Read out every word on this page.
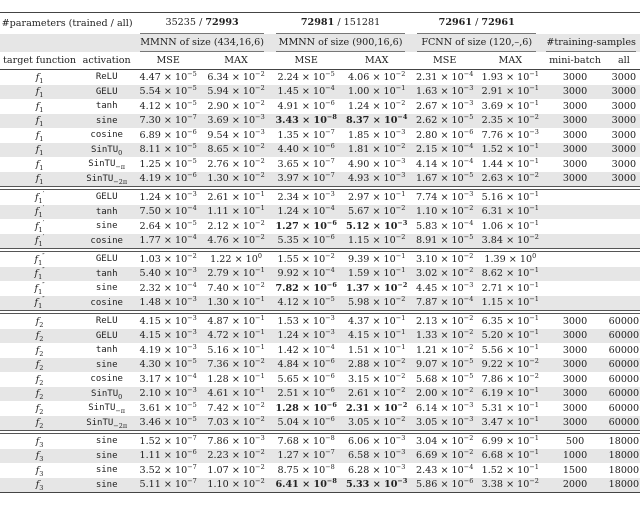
#parameters (trained / all)		35235 / 72993		72981 / 151281		72961 / 72961			

		MMNN of size (434,16,6)		MMNN of size (900,16,6)		FCNN of size (120,–,6)		#training-samples	

target function	activation	MSE	MAX	MSE	MAX	MSE	MAX	mini-batch	all
$f_1$	ReLU	$4.47 \times 10^{-5}$	$6.34 \times 10^{-2}$	$2.24 \times 10^{-5}$	$4.06 \times 10^{-2}$	$2.31 \times 10^{-4}$	$1.93 \times 10^{-1}$	3000	3000
$f_1$	GELU	$5.54 \times 10^{-5}$	$5.94 \times 10^{-2}$	$1.45 \times 10^{-4}$	$1.00 \times 10^{-1}$	$1.63 \times 10^{-3}$	$2.91 \times 10^{-1}$	3000	3000
$f_1$	tanh	$4.12 \times 10^{-5}$	$2.90 \times 10^{-2}$	$4.91 \times 10^{-6}$	$1.24 \times 10^{-2}$	$2.67 \times 10^{-3}$	$3.69 \times 10^{-1}$	3000	3000
$f_1$	sine	$7.30 \times 10^{-7}$	$3.69 \times 10^{-3}$	$3.43 \times 10^{-8}$	$8.37 \times 10^{-4}$	$2.62 \times 10^{-5}$	$2.35 \times 10^{-2}$	3000	3000
$f_1$	cosine	$6.89 \times 10^{-6}$	$9.54 \times 10^{-3}$	$1.35 \times 10^{-7}$	$1.85 \times 10^{-3}$	$2.80 \times 10^{-6}$	$7.76 \times 10^{-3}$	3000	3000
$f_1$	SinTU$_0$	$8.11 \times 10^{-5}$	$8.65 \times 10^{-2}$	$4.40 \times 10^{-6}$	$1.81 \times 10^{-2}$	$2.15 \times 10^{-4}$	$1.52 \times 10^{-1}$	3000	3000
$f_1$	SinTU$_{-\pi}$	$1.25 \times 10^{-5}$	$2.76 \times 10^{-2}$	$3.65 \times 10^{-7}$	$4.90 \times 10^{-3}$	$4.14 \times 10^{-4}$	$1.44 \times 10^{-1}$	3000	3000
$f_1$	SinTU$_{-2\pi}$	$4.19 \times 10^{-6}$	$1.30 \times 10^{-2}$	$3.97 \times 10^{-7}$	$4.93 \times 10^{-3}$	$1.67 \times 10^{-5}$	$2.63 \times 10^{-2}$	3000	3000

$f_1'$	GELU	$1.24 \times 10^{-3}$	$2.61 \times 10^{-1}$	$2.34 \times 10^{-3}$	$2.97 \times 10^{-1}$	$7.74 \times 10^{-3}$	$5.16 \times 10^{-1}$		
$f_1'$	tanh	$7.50 \times 10^{-4}$	$1.11 \times 10^{-1}$	$1.24 \times 10^{-4}$	$5.67 \times 10^{-2}$	$1.10 \times 10^{-2}$	$6.31 \times 10^{-1}$		
$f_1'$	sine	$2.64 \times 10^{-5}$	$2.12 \times 10^{-2}$	$1.27 \times 10^{-6}$	$5.12 \times 10^{-3}$	$5.83 \times 10^{-4}$	$1.06 \times 10^{-1}$		
$f_1'$	cosine	$1.77 \times 10^{-4}$	$4.76 \times 10^{-2}$	$5.35 \times 10^{-6}$	$1.15 \times 10^{-2}$	$8.91 \times 10^{-5}$	$3.84 \times 10^{-2}$		

$f_1''$	GELU	$1.03 \times 10^{-2}$	$1.22 \times 10^0$	$1.55 \times 10^{-2}$	$9.39 \times 10^{-1}$	$3.10 \times 10^{-2}$	$1.39 \times 10^0$		
$f_1''$	tanh	$5.40 \times 10^{-3}$	$2.79 \times 10^{-1}$	$9.92 \times 10^{-4}$	$1.59 \times 10^{-1}$	$3.02 \times 10^{-2}$	$8.62 \times 10^{-1}$		
$f_1''$	sine	$2.32 \times 10^{-4}$	$7.40 \times 10^{-2}$	$7.82 \times 10^{-6}$	$1.37 \times 10^{-2}$	$4.45 \times 10^{-3}$	$2.71 \times 10^{-1}$		
$f_1''$	cosine	$1.48 \times 10^{-3}$	$1.30 \times 10^{-1}$	$4.12 \times 10^{-5}$	$5.98 \times 10^{-2}$	$7.87 \times 10^{-4}$	$1.15 \times 10^{-1}$		

$f_2$	ReLU	$4.15 \times 10^{-3}$	$4.87 \times 10^{-1}$	$1.53 \times 10^{-3}$	$4.37 \times 10^{-1}$	$2.13 \times 10^{-2}$	$6.35 \times 10^{-1}$	3000	60000
$f_2$	GELU	$4.15 \times 10^{-3}$	$4.72 \times 10^{-1}$	$1.24 \times 10^{-3}$	$4.15 \times 10^{-1}$	$1.33 \times 10^{-2}$	$5.20 \times 10^{-1}$	3000	60000
$f_2$	tanh	$4.19 \times 10^{-3}$	$5.16 \times 10^{-1}$	$1.42 \times 10^{-4}$	$1.51 \times 10^{-1}$	$1.21 \times 10^{-2}$	$5.56 \times 10^{-1}$	3000	60000
$f_2$	sine	$4.30 \times 10^{-5}$	$7.36 \times 10^{-2}$	$4.84 \times 10^{-6}$	$2.88 \times 10^{-2}$	$9.07 \times 10^{-5}$	$9.22 \times 10^{-2}$	3000	60000
$f_2$	cosine	$3.17 \times 10^{-4}$	$1.28 \times 10^{-1}$	$5.65 \times 10^{-6}$	$3.15 \times 10^{-2}$	$5.68 \times 10^{-5}$	$7.86 \times 10^{-2}$	3000	60000
$f_2$	SinTU$_0$	$2.10 \times 10^{-3}$	$4.61 \times 10^{-1}$	$2.51 \times 10^{-6}$	$2.61 \times 10^{-2}$	$2.00 \times 10^{-2}$	$6.19 \times 10^{-1}$	3000	60000
$f_2$	SinTU$_{-\pi}$	$3.61 \times 10^{-5}$	$7.42 \times 10^{-2}$	$1.28 \times 10^{-6}$	$2.31 \times 10^{-2}$	$6.14 \times 10^{-3}$	$5.31 \times 10^{-1}$	3000	60000
$f_2$	SinTU$_{-2\pi}$	$3.46 \times 10^{-5}$	$7.03 \times 10^{-2}$	$5.04 \times 10^{-6}$	$3.05 \times 10^{-2}$	$3.05 \times 10^{-3}$	$3.47 \times 10^{-1}$	3000	60000

$f_3$	sine	$1.52 \times 10^{-7}$	$7.86 \times 10^{-3}$	$7.68 \times 10^{-8}$	$6.06 \times 10^{-3}$	$3.04 \times 10^{-2}$	$6.99 \times 10^{-1}$	500	18000
$f_3$	sine	$1.11 \times 10^{-6}$	$2.23 \times 10^{-2}$	$1.27 \times 10^{-7}$	$6.58 \times 10^{-3}$	$6.69 \times 10^{-2}$	$6.68 \times 10^{-1}$	1000	18000
$f_3$	sine	$3.52 \times 10^{-7}$	$1.07 \times 10^{-2}$	$8.75 \times 10^{-8}$	$6.28 \times 10^{-3}$	$2.43 \times 10^{-4}$	$1.52 \times 10^{-1}$	1500	18000
$f_3$	sine	$5.11 \times 10^{-7}$	$1.10 \times 10^{-2}$	$6.41 \times 10^{-8}$	$5.33 \times 10^{-3}$	$5.86 \times 10^{-6}$	$3.38 \times 10^{-2}$	2000	18000
